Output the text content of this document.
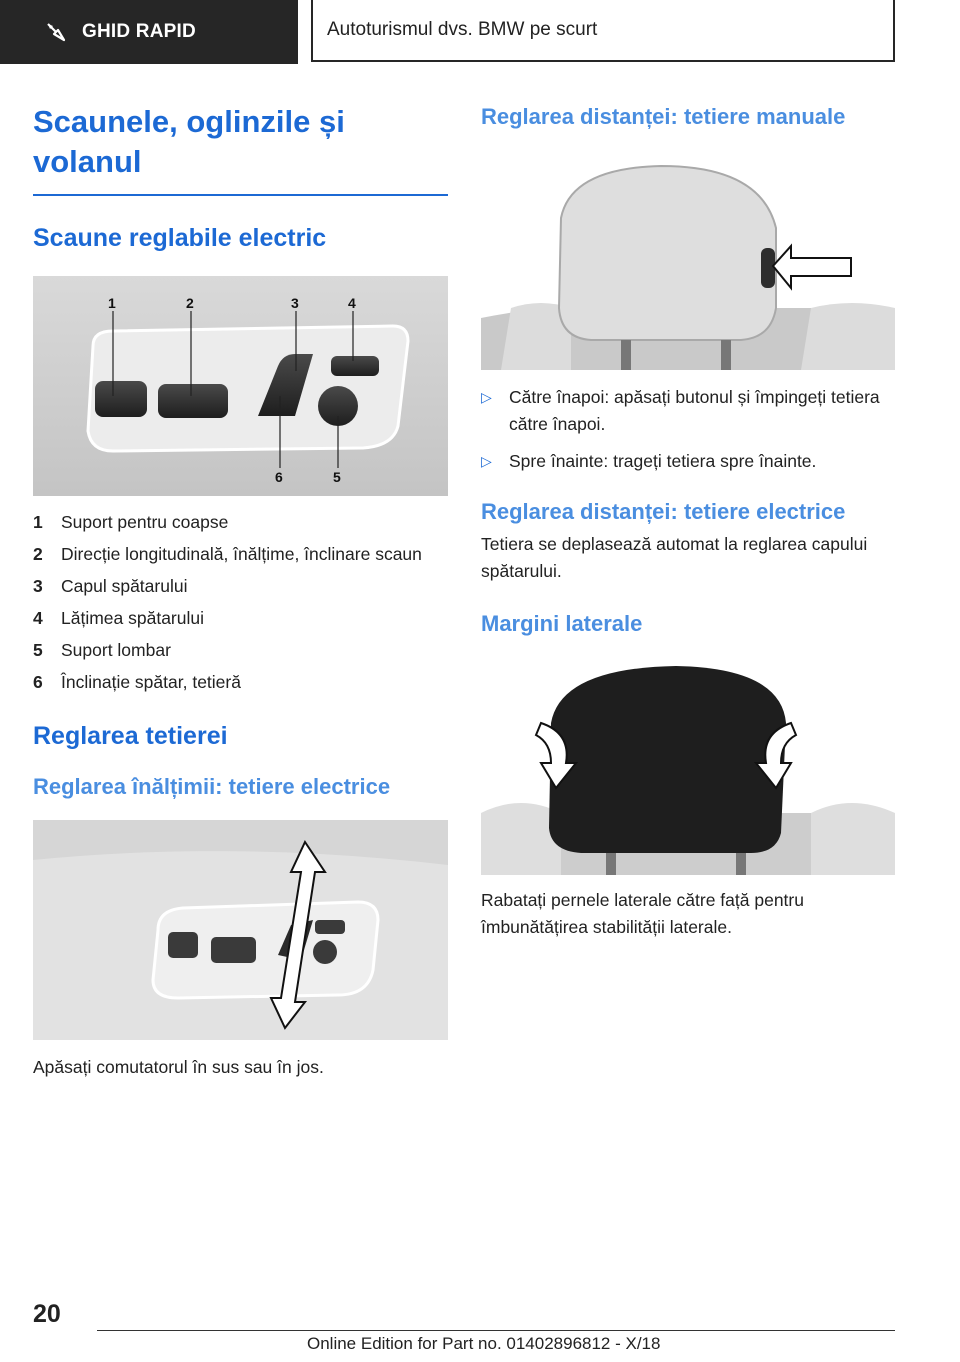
GHID RAPID	Autoturismul dvs. BMW pe scurt
Scaunele, oglinzile și volanul
Scaune reglabile electric
1	2	3	4
5
6
1	Suport pentru coapse
2	Direcție longitudinală, înălțime, înclinare scaun
3	Capul spătarului
4	Lățimea spătarului
5	Suport lombar
6	Înclinație spătar, tetieră
Reglarea tetierei
Reglarea înălțimii: tetiere electrice

Apăsați comutatorul în sus sau în jos.

Reglarea distanței: tetiere manuale
▷ Către înapoi: apăsați butonul și împingeți tetiera către înapoi.
▷ Spre înainte: trageți tetiera spre înainte.
Reglarea distanței: tetiere electrice

Tetiera se deplasează automat la reglarea capului spătarului.

Margini laterale

Rabatați pernele laterale către față pentru îmbunătățirea stabilității laterale.

20
Online Edition for Part no. 01402896812 - X/18
